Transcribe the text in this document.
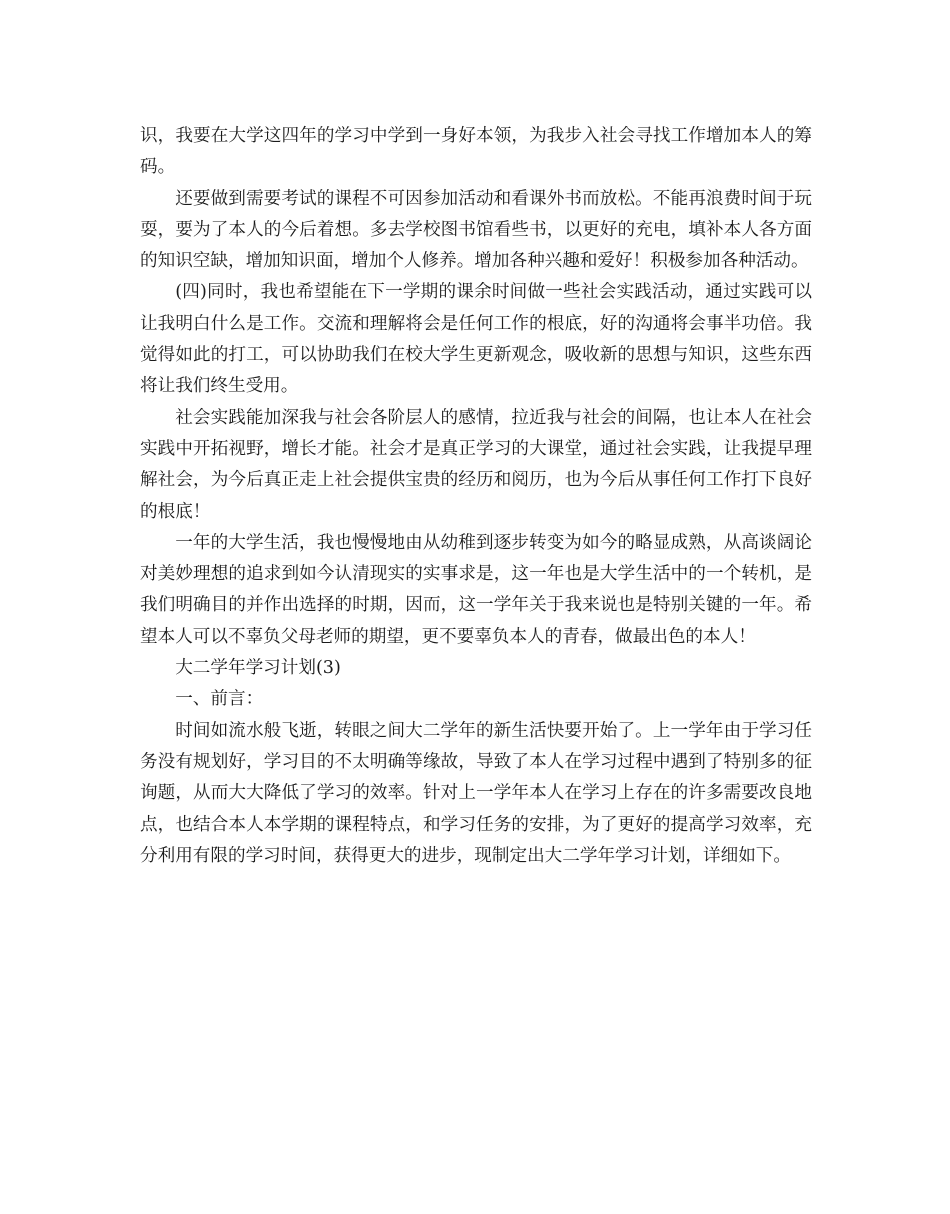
识，我要在大学这四年的学习中学到一身好本领，为我步入社会寻找工作增加本人的筹码。

还要做到需要考试的课程不可因参加活动和看课外书而放松。不能再浪费时间于玩耍，要为了本人的今后着想。多去学校图书馆看些书，以更好的充电，填补本人各方面的知识空缺，增加知识面，增加个人修养。增加各种兴趣和爱好！积极参加各种活动。

(四)同时，我也希望能在下一学期的课余时间做一些社会实践活动，通过实践可以让我明白什么是工作。交流和理解将会是任何工作的根底，好的沟通将会事半功倍。我觉得如此的打工，可以协助我们在校大学生更新观念，吸收新的思想与知识，这些东西将让我们终生受用。

社会实践能加深我与社会各阶层人的感情，拉近我与社会的间隔，也让本人在社会实践中开拓视野，增长才能。社会才是真正学习的大课堂，通过社会实践，让我提早理解社会，为今后真正走上社会提供宝贵的经历和阅历，也为今后从事任何工作打下良好的根底！

一年的大学生活，我也慢慢地由从幼稚到逐步转变为如今的略显成熟，从高谈阔论对美妙理想的追求到如今认清现实的实事求是，这一年也是大学生活中的一个转机，是我们明确目的并作出选择的时期，因而，这一学年关于我来说也是特别关键的一年。希望本人可以不辜负父母老师的期望，更不要辜负本人的青春，做最出色的本人！

大二学年学习计划(3)

一、前言：

时间如流水般飞逝，转眼之间大二学年的新生活快要开始了。上一学年由于学习任务没有规划好，学习目的不太明确等缘故，导致了本人在学习过程中遇到了特别多的征询题，从而大大降低了学习的效率。针对上一学年本人在学习上存在的许多需要改良地点，也结合本人本学期的课程特点，和学习任务的安排，为了更好的提高学习效率，充分利用有限的学习时间，获得更大的进步，现制定出大二学年学习计划，详细如下。
